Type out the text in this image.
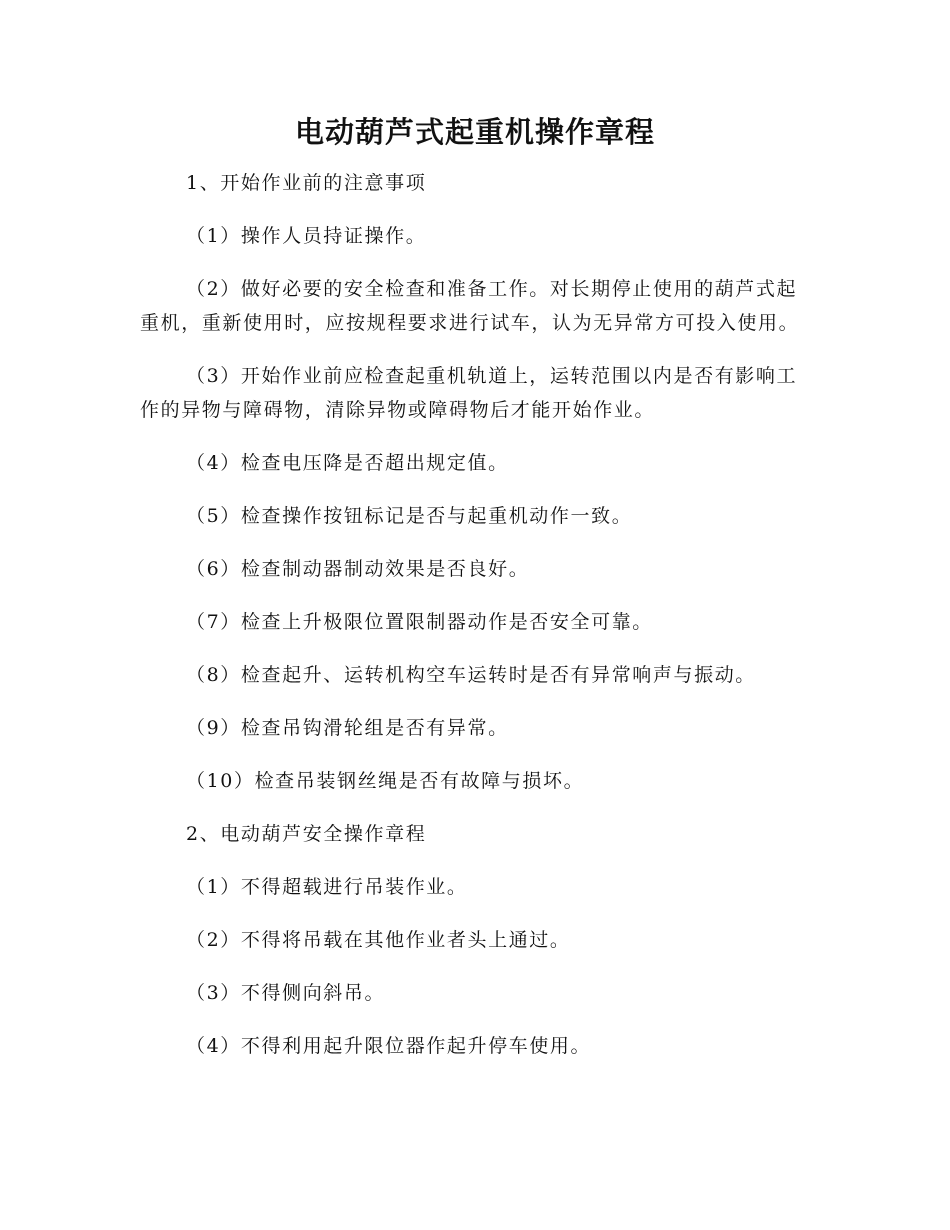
电动葫芦式起重机操作章程

1、开始作业前的注意事项

（1）操作人员持证操作。

（2）做好必要的安全检查和准备工作。对长期停止使用的葫芦式起重机，重新使用时，应按规程要求进行试车，认为无异常方可投入使用。

（3）开始作业前应检查起重机轨道上，运转范围以内是否有影响工作的异物与障碍物，清除异物或障碍物后才能开始作业。

（4）检查电压降是否超出规定值。

（5）检查操作按钮标记是否与起重机动作一致。

（6）检查制动器制动效果是否良好。

（7）检查上升极限位置限制器动作是否安全可靠。

（8）检查起升、运转机构空车运转时是否有异常响声与振动。

（9）检查吊钩滑轮组是否有异常。

（10）检查吊装钢丝绳是否有故障与损坏。

2、电动葫芦安全操作章程

（1）不得超载进行吊装作业。

（2）不得将吊载在其他作业者头上通过。

（3）不得侧向斜吊。

（4）不得利用起升限位器作起升停车使用。
